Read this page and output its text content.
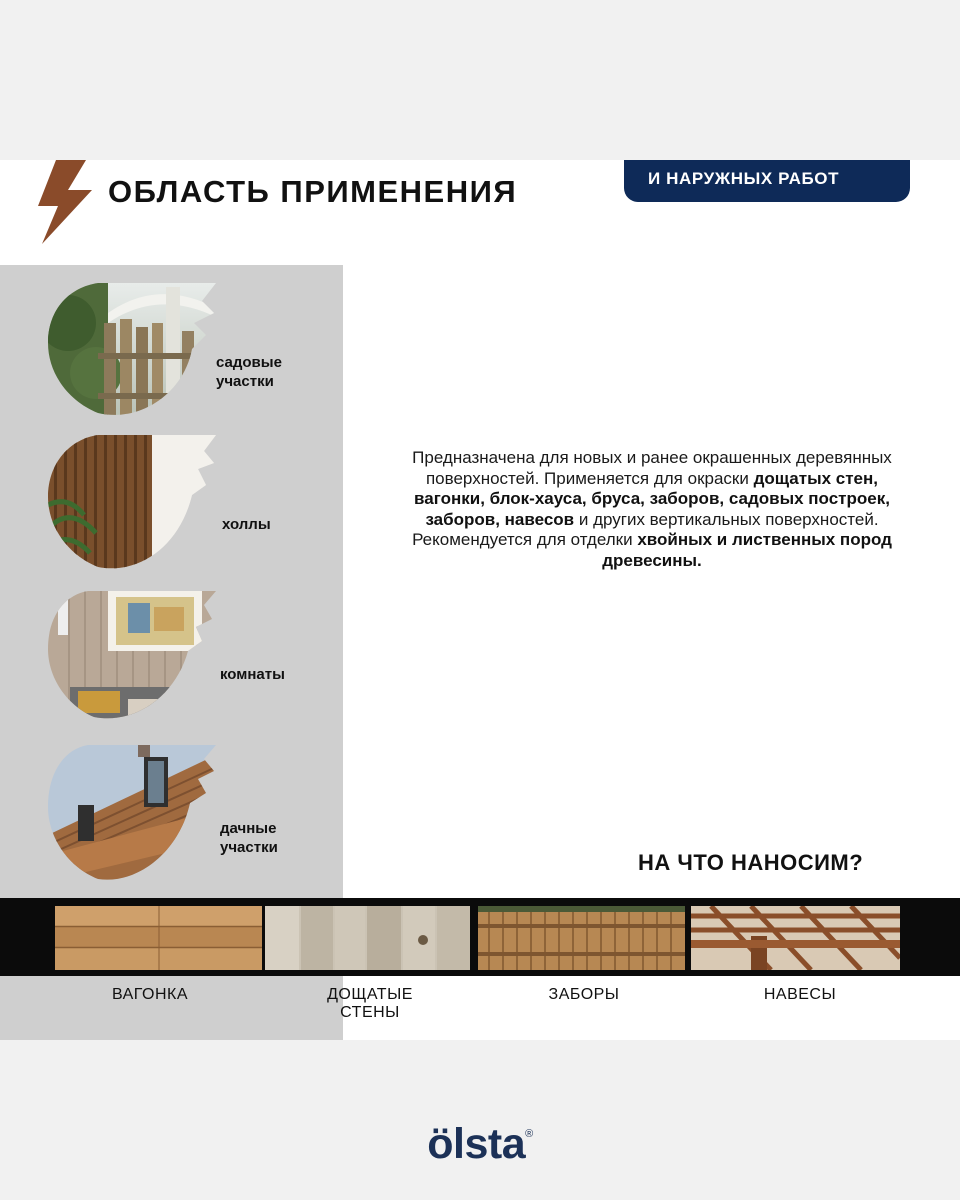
ОБЛАСТЬ ПРИМЕНЕНИЯ	И НАРУЖНЫХ РАБОТ
садовые
участки
холлы
комнаты
дачные
участки
Предназначена для новых и ранее окрашенных деревянных поверхностей. Применяется для окраски дощатых стен, вагонки, блок-хауса, бруса, заборов, садовых построек, заборов, навесов и других вертикальных поверхностей. Рекомендуется для отделки хвойных и лиственных пород древесины.
НА ЧТО НАНОСИМ?
ВАГОНКА	ДОЩАТЫЕ
СТЕНЫ
ЗАБОРЫ	НАВЕСЫ
ölsta®
